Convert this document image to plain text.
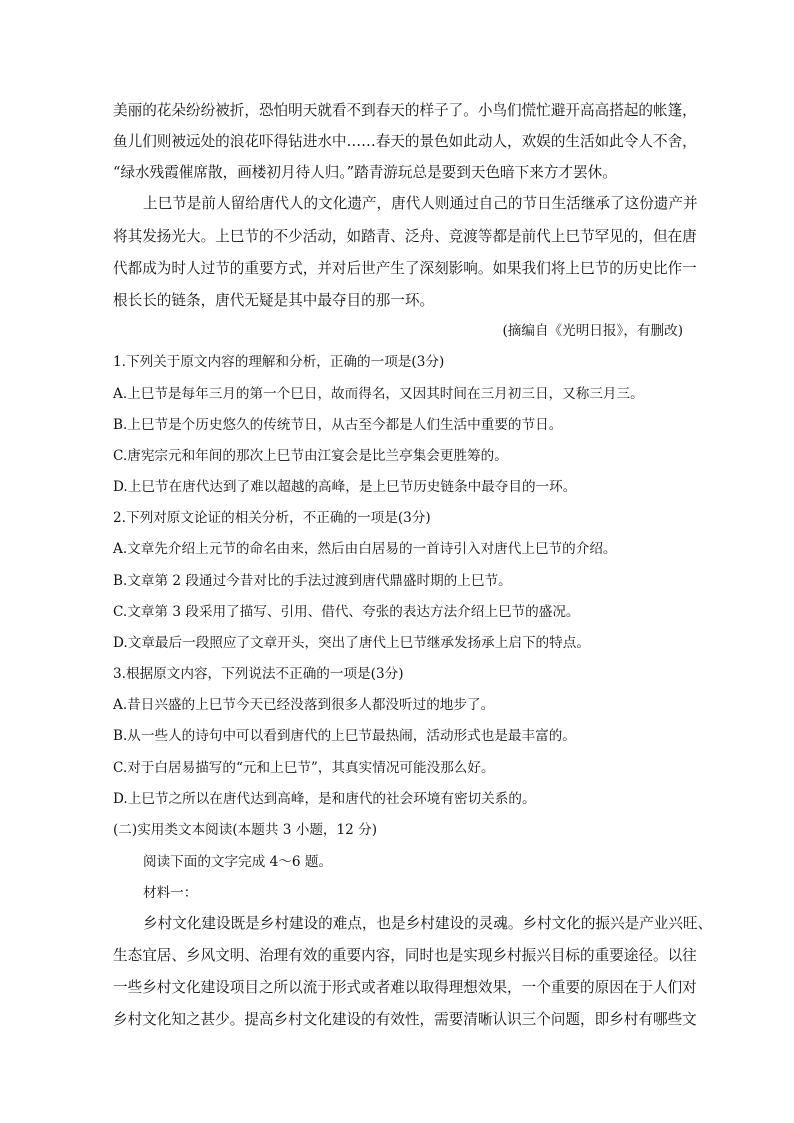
美丽的花朵纷纷被折，恐怕明天就看不到春天的样子了。小鸟们慌忙避开高高搭起的帐篷，
鱼儿们则被远处的浪花吓得钻进水中……春天的景色如此动人，欢娱的生活如此令人不舍，
“绿水残霞催席散，画楼初月待人归。”踏青游玩总是要到天色暗下来方才罢休。
上巳节是前人留给唐代人的文化遗产，唐代人则通过自己的节日生活继承了这份遗产并
将其发扬光大。上巳节的不少活动，如踏青、泛舟、竞渡等都是前代上巳节罕见的，但在唐
代都成为时人过节的重要方式，并对后世产生了深刻影响。如果我们将上巳节的历史比作一
根长长的链条，唐代无疑是其中最夺目的那一环。
(摘编自《光明日报》，有删改)
1.下列关于原文内容的理解和分析，正确的一项是(3分)
A.上巳节是每年三月的第一个巳日，故而得名，又因其时间在三月初三日，又称三月三。
B.上巳节是个历史悠久的传统节日，从古至今都是人们生活中重要的节日。
C.唐宪宗元和年间的那次上巳节由江宴会是比兰亭集会更胜筹的。
D.上巳节在唐代达到了难以超越的高峰，是上巳节历史链条中最夺目的一环。
2.下列对原文论证的相关分析，不正确的一项是(3分)
A.文章先介绍上元节的命名由来，然后由白居易的一首诗引入对唐代上巳节的介绍。
B.文章第 2 段通过今昔对比的手法过渡到唐代鼎盛时期的上巳节。
C.文章第 3 段采用了描写、引用、借代、夸张的表达方法介绍上巳节的盛况。
D.文章最后一段照应了文章开头，突出了唐代上巳节继承发扬承上启下的特点。
3.根据原文内容，下列说法不正确的一项是(3分)
A.昔日兴盛的上巳节今天已经没落到很多人都没听过的地步了。
B.从一些人的诗句中可以看到唐代的上巳节最热闹，活动形式也是最丰富的。
C.对于白居易描写的“元和上巳节”，其真实情况可能没那么好。
D.上巳节之所以在唐代达到高峰，是和唐代的社会环境有密切关系的。
(二)实用类文本阅读(本题共 3 小题，12 分)
阅读下面的文字完成 4～6 题。
材料一：
乡村文化建设既是乡村建设的难点，也是乡村建设的灵魂。乡村文化的振兴是产业兴旺、
生态宜居、乡风文明、治理有效的重要内容，同时也是实现乡村振兴目标的重要途径。以往
一些乡村文化建设项目之所以流于形式或者难以取得理想效果，一个重要的原因在于人们对
乡村文化知之甚少。提高乡村文化建设的有效性，需要清晰认识三个问题，即乡村有哪些文
